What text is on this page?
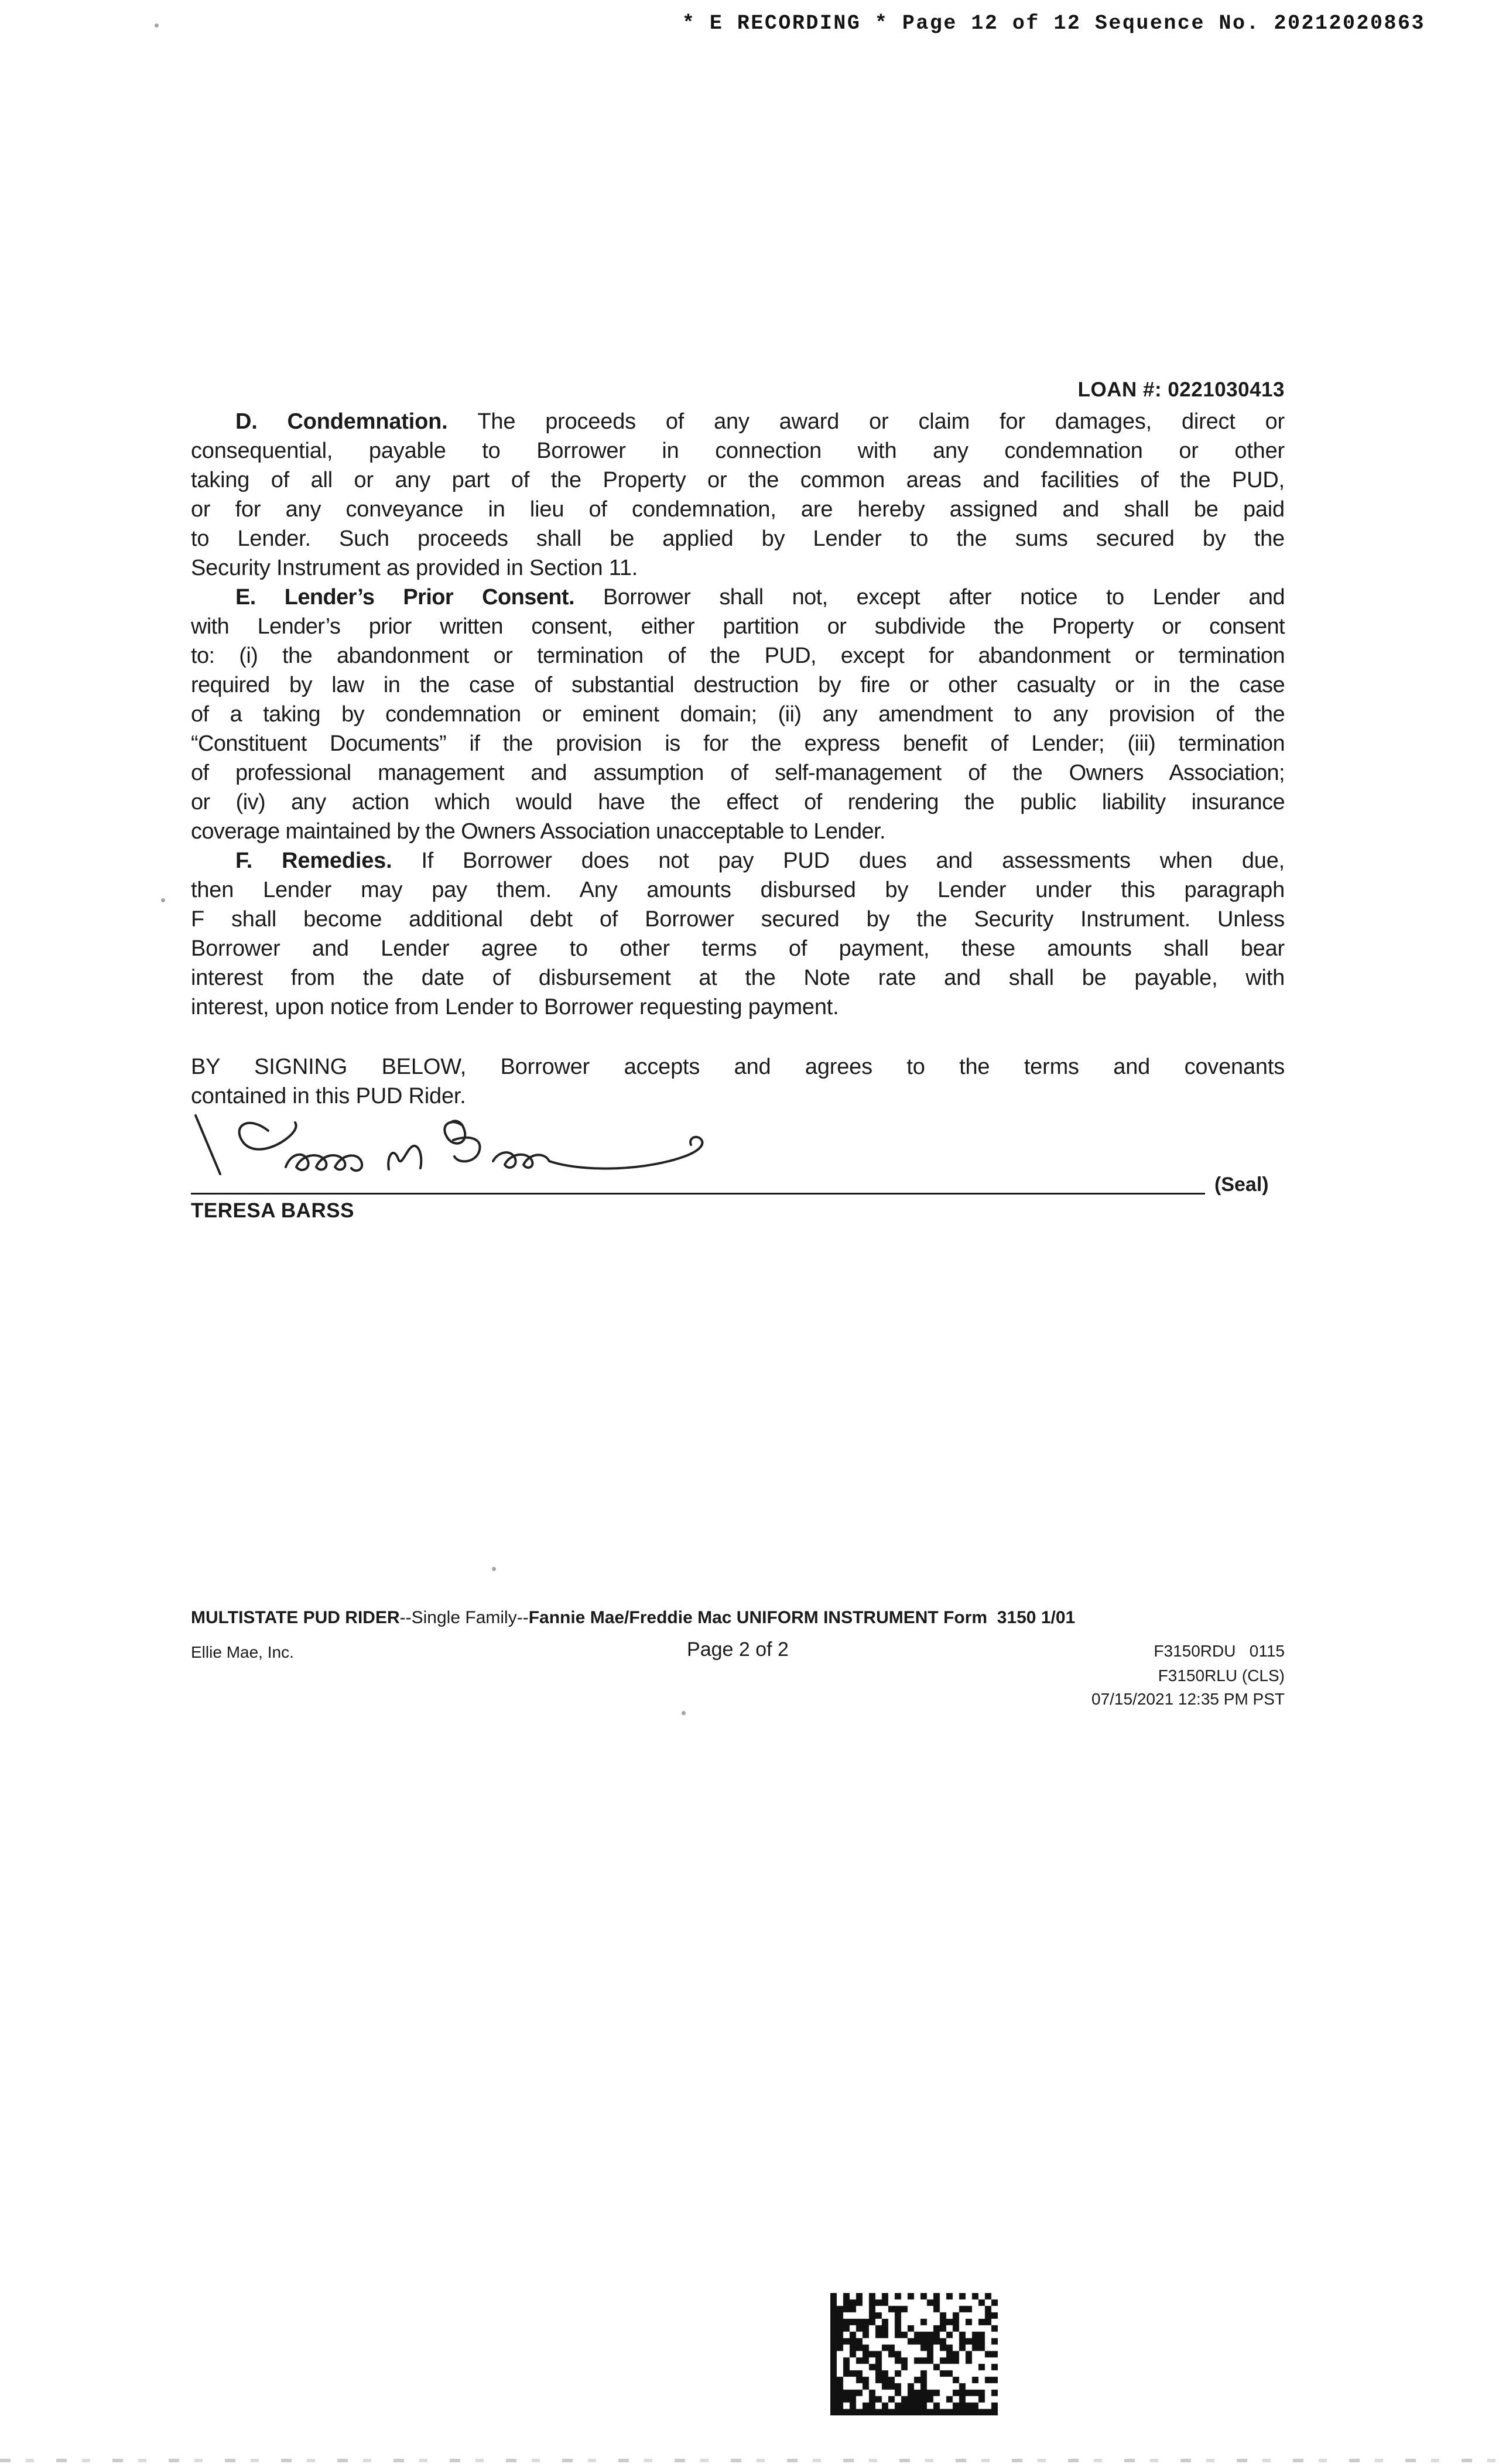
* E RECORDING * Page 12 of 12 Sequence No. 20212020863
LOAN #: 0221030413
D. Condemnation. The proceeds of any award or claim for damages, direct or
consequential, payable to Borrower in connection with any condemnation or other
taking of all or any part of the Property or the common areas and facilities of the PUD,
or for any conveyance in lieu of condemnation, are hereby assigned and shall be paid
to Lender. Such proceeds shall be applied by Lender to the sums secured by the
Security Instrument as provided in Section 11.
E. Lender’s Prior Consent. Borrower shall not, except after notice to Lender and
with Lender’s prior written consent, either partition or subdivide the Property or consent
to: (i) the abandonment or termination of the PUD, except for abandonment or termination
required by law in the case of substantial destruction by fire or other casualty or in the case
of a taking by condemnation or eminent domain; (ii) any amendment to any provision of the
“Constituent Documents” if the provision is for the express benefit of Lender; (iii) termination
of professional management and assumption of self-management of the Owners Association;
or (iv) any action which would have the effect of rendering the public liability insurance
coverage maintained by the Owners Association unacceptable to Lender.
F. Remedies. If Borrower does not pay PUD dues and assessments when due,
then Lender may pay them. Any amounts disbursed by Lender under this paragraph
F shall become additional debt of Borrower secured by the Security Instrument. Unless
Borrower and Lender agree to other terms of payment, these amounts shall bear
interest from the date of disbursement at the Note rate and shall be payable, with
interest, upon notice from Lender to Borrower requesting payment.
BY SIGNING BELOW, Borrower accepts and agrees to the terms and covenants
contained in this PUD Rider.
(Seal)
TERESA BARSS
MULTISTATE PUD RIDER--Single Family--Fannie Mae/Freddie Mac UNIFORM INSTRUMENT Form  3150 1/01
Ellie Mae, Inc.	Page 2 of 2	F3150RDU   0115
F3150RLU (CLS)
07/15/2021 12:35 PM PST
